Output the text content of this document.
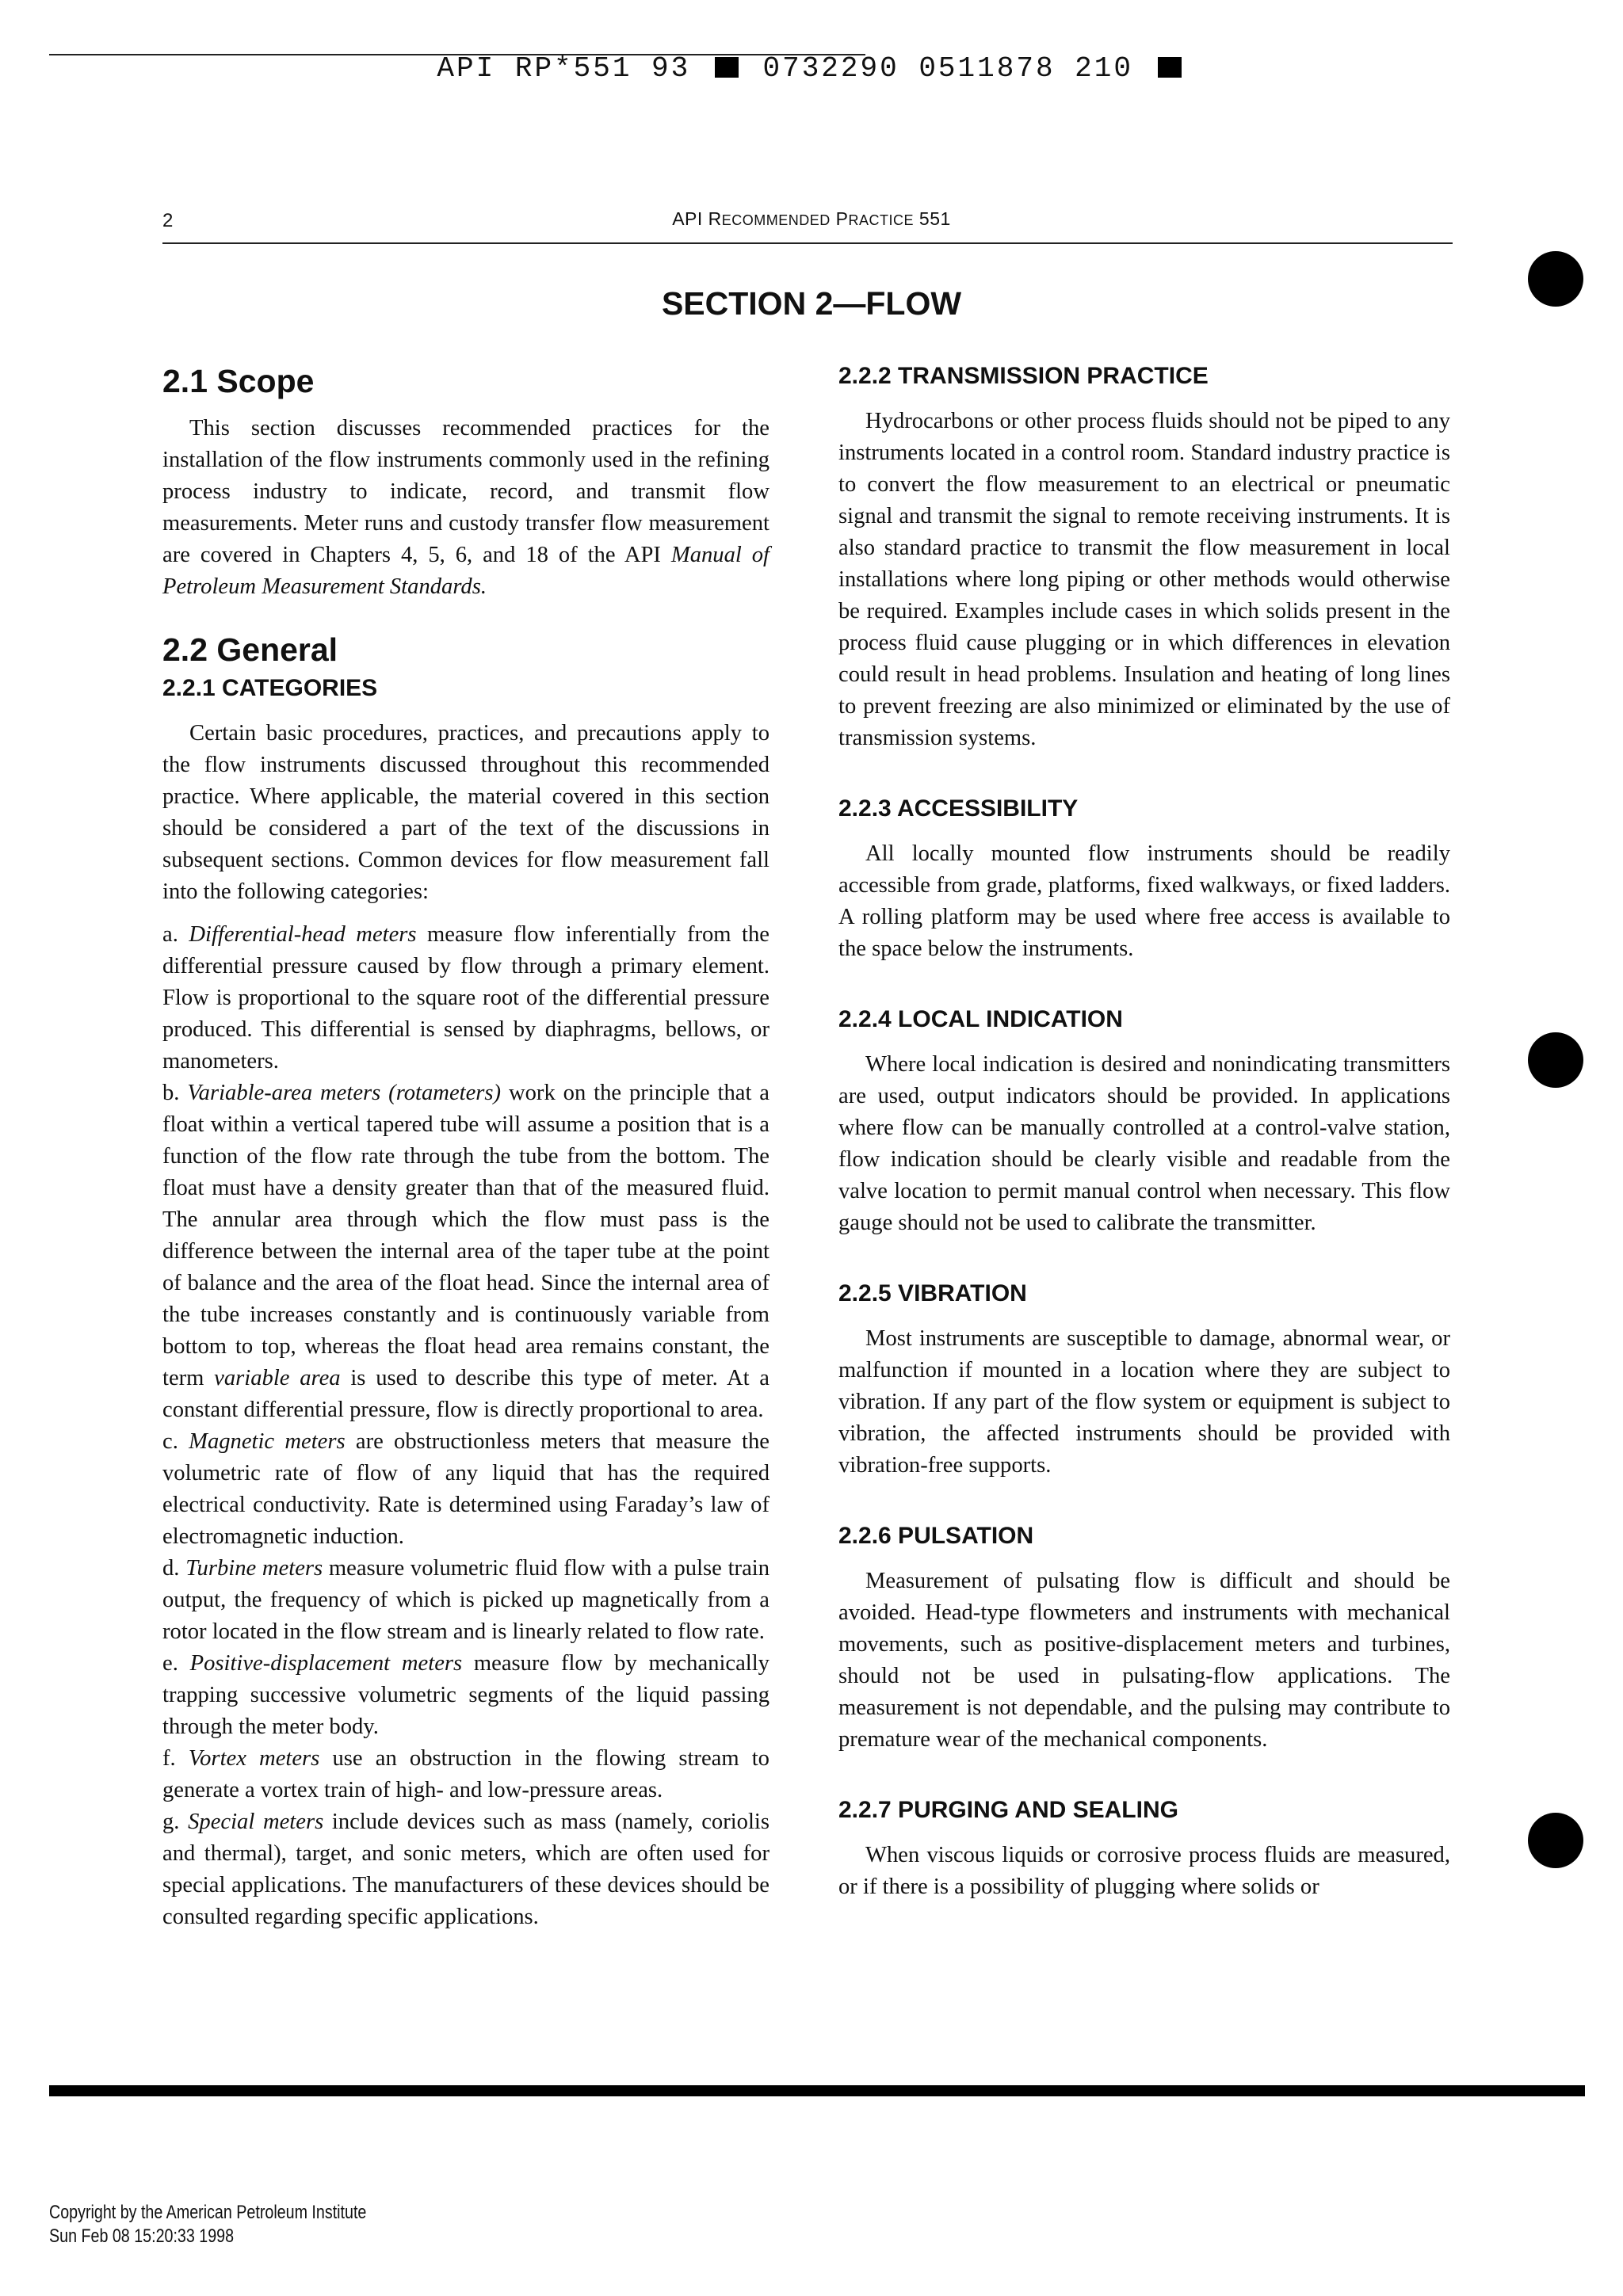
API RP*551 93	0732290 0511878 210
2	API RECOMMENDED PRACTICE 551
SECTION 2—FLOW
2.1 Scope

This section discusses recommended practices for the installation of the flow instruments commonly used in the refining process industry to indicate, record, and transmit flow measurements. Meter runs and custody transfer flow measurement are covered in Chapters 4, 5, 6, and 18 of the API Manual of Petroleum Measurement Standards.

2.2 General
2.2.1 CATEGORIES

Certain basic procedures, practices, and precautions apply to the flow instruments discussed throughout this recommended practice. Where applicable, the material covered in this section should be considered a part of the text of the discussions in subsequent sections. Common devices for flow measurement fall into the following categories:

a. Differential-head meters measure flow inferentially from the differential pressure caused by flow through a primary element. Flow is proportional to the square root of the differential pressure produced. This differential is sensed by diaphragms, bellows, or manometers.

b. Variable-area meters (rotameters) work on the principle that a float within a vertical tapered tube will assume a position that is a function of the flow rate through the tube from the bottom. The float must have a density greater than that of the measured fluid. The annular area through which the flow must pass is the difference between the internal area of the taper tube at the point of balance and the area of the float head. Since the internal area of the tube increases constantly and is continuously variable from bottom to top, whereas the float head area remains constant, the term variable area is used to describe this type of meter. At a constant differential pressure, flow is directly proportional to area.

c. Magnetic meters are obstructionless meters that measure the volumetric rate of flow of any liquid that has the required electrical conductivity. Rate is determined using Faraday’s law of electromagnetic induction.

d. Turbine meters measure volumetric fluid flow with a pulse train output, the frequency of which is picked up magnetically from a rotor located in the flow stream and is linearly related to flow rate.

e. Positive-displacement meters measure flow by mechanically trapping successive volumetric segments of the liquid passing through the meter body.

f. Vortex meters use an obstruction in the flowing stream to generate a vortex train of high- and low-pressure areas.

g. Special meters include devices such as mass (namely, coriolis and thermal), target, and sonic meters, which are often used for special applications. The manufacturers of these devices should be consulted regarding specific applications.

2.2.2 TRANSMISSION PRACTICE

Hydrocarbons or other process fluids should not be piped to any instruments located in a control room. Standard industry practice is to convert the flow measurement to an electrical or pneumatic signal and transmit the signal to remote receiving instruments. It is also standard practice to transmit the flow measurement in local installations where long piping or other methods would otherwise be required. Examples include cases in which solids present in the process fluid cause plugging or in which differences in elevation could result in head problems. Insulation and heating of long lines to prevent freezing are also minimized or eliminated by the use of transmission systems.

2.2.3 ACCESSIBILITY

All locally mounted flow instruments should be readily accessible from grade, platforms, fixed walkways, or fixed ladders. A rolling platform may be used where free access is available to the space below the instruments.

2.2.4 LOCAL INDICATION

Where local indication is desired and nonindicating transmitters are used, output indicators should be provided. In applications where flow can be manually controlled at a control-valve station, flow indication should be clearly visible and readable from the valve location to permit manual control when necessary. This flow gauge should not be used to calibrate the transmitter.

2.2.5 VIBRATION

Most instruments are susceptible to damage, abnormal wear, or malfunction if mounted in a location where they are subject to vibration. If any part of the flow system or equipment is subject to vibration, the affected instruments should be provided with vibration-free supports.

2.2.6 PULSATION

Measurement of pulsating flow is difficult and should be avoided. Head-type flowmeters and instruments with mechanical movements, such as positive-displacement meters and turbines, should not be used in pulsating-flow applications. The measurement is not dependable, and the pulsing may contribute to premature wear of the mechanical components.

2.2.7 PURGING AND SEALING

When viscous liquids or corrosive process fluids are measured, or if there is a possibility of plugging where solids or

Copyright by the American Petroleum Institute
Sun Feb 08 15:20:33 1998
